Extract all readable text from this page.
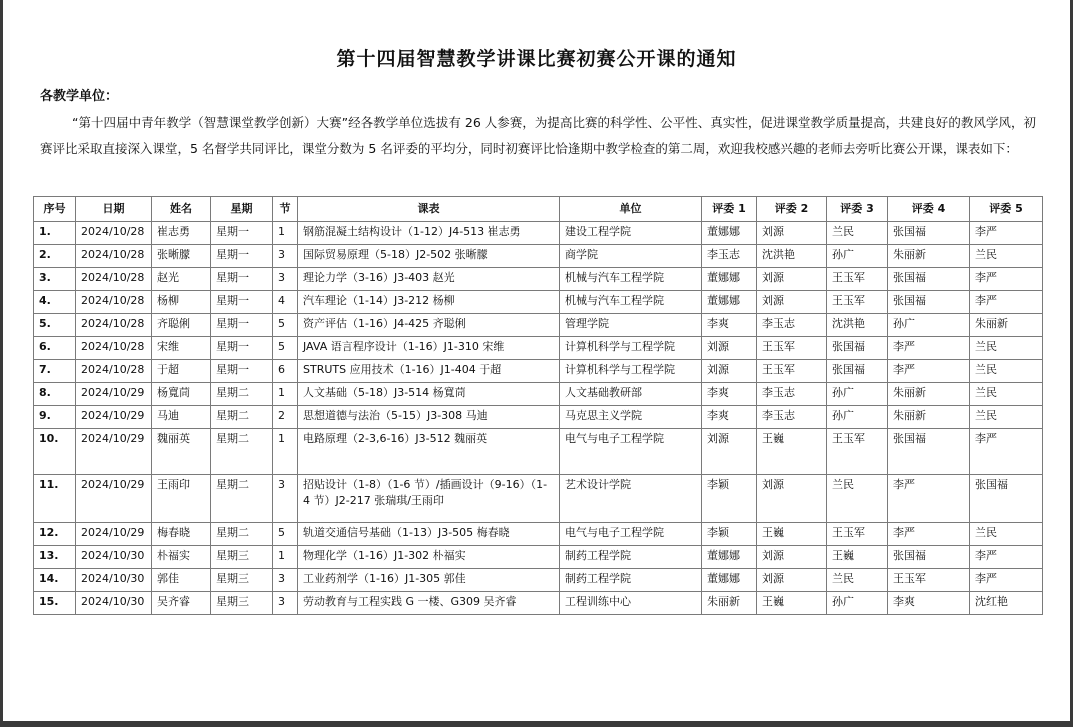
第十四届智慧教学讲课比赛初赛公开课的通知
各教学单位：
“第十四届中青年教学（智慧课堂教学创新）大赛”经各教学单位选拔有 26 人参赛，为提高比赛的科学性、公平性、真实性，促进课堂教学质量提高，共建良好的教风学风，初赛评比采取直接深入课堂，5 名督学共同评比，课堂分数为 5 名评委的平均分，同时初赛评比恰逢期中教学检查的第二周，欢迎我校感兴趣的老师去旁听比赛公开课，课表如下：
序号	日期	姓名	星期	节	课表	单位	评委 1	评委 2	评委 3	评委 4	评委 5
1.	2024/10/28	崔志勇	星期一	1	钢筋混凝土结构设计（1-12）J4-513 崔志勇	建设工程学院	董娜娜	刘源	兰民	张国福	李严
2.	2024/10/28	张晰朦	星期一	3	国际贸易原理（5-18）J2-502 张晰朦	商学院	李玉志	沈洪艳	孙广	朱丽新	兰民
3.	2024/10/28	赵光	星期一	3	理论力学（3-16）J3-403 赵光	机械与汽车工程学院	董娜娜	刘源	王玉军	张国福	李严
4.	2024/10/28	杨柳	星期一	4	汽车理论（1-14）J3-212 杨柳	机械与汽车工程学院	董娜娜	刘源	王玉军	张国福	李严
5.	2024/10/28	齐聪俐	星期一	5	资产评估（1-16）J4-425 齐聪俐	管理学院	李爽	李玉志	沈洪艳	孙广	朱丽新
6.	2024/10/28	宋维	星期一	5	JAVA 语言程序设计（1-16）J1-310 宋维	计算机科学与工程学院	刘源	王玉军	张国福	李严	兰民
7.	2024/10/28	于超	星期一	6	STRUTS 应用技术（1-16）J1-404 于超	计算机科学与工程学院	刘源	王玉军	张国福	李严	兰民
8.	2024/10/29	杨寬茼	星期二	1	人文基础（5-18）J3-514 杨寬茼	人文基础教研部	李爽	李玉志	孙广	朱丽新	兰民
9.	2024/10/29	马迪	星期二	2	思想道德与法治（5-15）J3-308 马迪	马克思主义学院	李爽	李玉志	孙广	朱丽新	兰民
10.	2024/10/29	魏丽英	星期二	1	电路原理（2-3,6-16）J3-512 魏丽英	电气与电子工程学院	刘源	王巍	王玉军	张国福	李严
11.	2024/10/29	王雨印	星期二	3	招贴设计（1-8）（1-6 节）/插画设计（9-16）（1-4 节）J2-217 张瑞琪/王雨印	艺术设计学院	李颖	刘源	兰民	李严	张国福
12.	2024/10/29	梅春晓	星期二	5	轨道交通信号基础（1-13）J3-505 梅春晓	电气与电子工程学院	李颖	王巍	王玉军	李严	兰民
13.	2024/10/30	朴福实	星期三	1	物理化学（1-16）J1-302 朴福实	制药工程学院	董娜娜	刘源	王巍	张国福	李严
14.	2024/10/30	郭佳	星期三	3	工业药剂学（1-16）J1-305 郭佳	制药工程学院	董娜娜	刘源	兰民	王玉军	李严
15.	2024/10/30	吴齐睿	星期三	3	劳动教育与工程实践 G 一楼、G309 吴齐睿	工程训练中心	朱丽新	王巍	孙广	李爽	沈红艳
